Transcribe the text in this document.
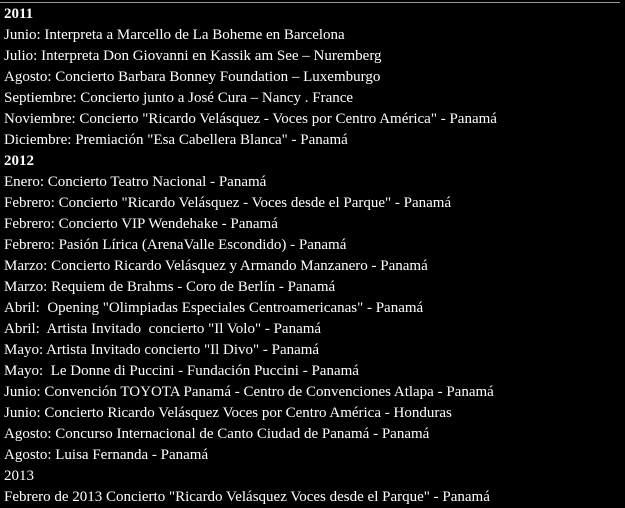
2011
Junio: Interpreta a Marcello de La Boheme en Barcelona
Julio: Interpreta Don Giovanni en Kassik am See – Nuremberg
Agosto: Concierto Barbara Bonney Foundation – Luxemburgo
Septiembre: Concierto junto a José Cura – Nancy . France
Noviembre: Concierto "Ricardo Velásquez - Voces por Centro América" - Panamá
Diciembre: Premiación "Esa Cabellera Blanca" - Panamá
2012
Enero: Concierto Teatro Nacional - Panamá
Febrero: Concierto "Ricardo Velásquez - Voces desde el Parque" - Panamá
Febrero: Concierto VIP Wendehake - Panamá
Febrero: Pasión Lírica (ArenaValle Escondido) - Panamá
Marzo: Concierto Ricardo Velásquez y Armando Manzanero - Panamá
Marzo: Requiem de Brahms - Coro de Berlín - Panamá
Abril:  Opening "Olimpiadas Especiales Centroamericanas" - Panamá
Abril:  Artista Invitado  concierto "Il Volo" - Panamá
Mayo: Artista Invitado concierto "Il Divo" - Panamá
Mayo:  Le Donne di Puccini - Fundación Puccini - Panamá
Junio: Convención TOYOTA Panamá - Centro de Convenciones Atlapa - Panamá
Junio: Concierto Ricardo Velásquez Voces por Centro América - Honduras
Agosto: Concurso Internacional de Canto Ciudad de Panamá - Panamá
Agosto: Luisa Fernanda - Panamá
2013
Febrero de 2013 Concierto "Ricardo Velásquez Voces desde el Parque" - Panamá
